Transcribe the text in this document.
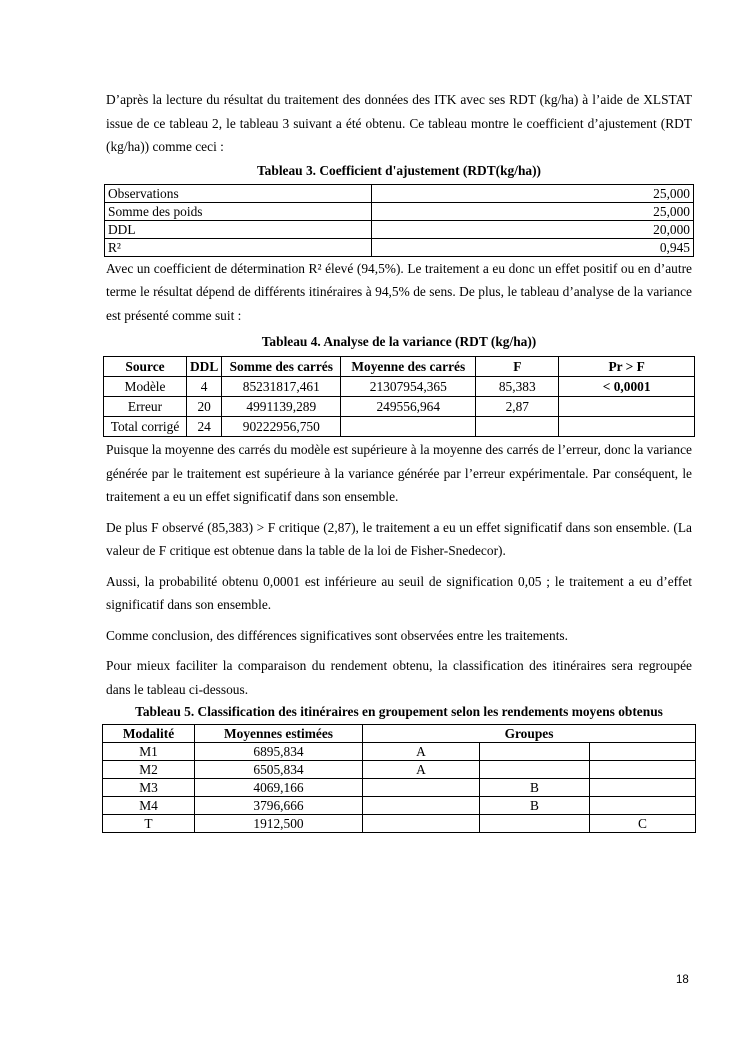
D’après la lecture du résultat du traitement des données des ITK avec ses RDT (kg/ha) à l’aide de XLSTAT issue de ce tableau 2, le tableau 3 suivant a été obtenu. Ce tableau montre le coefficient d’ajustement (RDT (kg/ha)) comme ceci :

Tableau 3. Coefficient d'ajustement (RDT(kg/ha))

Observations	25,000
Somme des poids	25,000
DDL	20,000
R²	0,945

Avec un coefficient de détermination R² élevé (94,5%). Le traitement a eu donc un effet positif ou en d’autre terme le résultat dépend de différents itinéraires à 94,5% de sens. De plus, le tableau d’analyse de la variance est présenté comme suit :

Tableau 4. Analyse de la variance (RDT (kg/ha))

Source	DDL	Somme des carrés	Moyenne des carrés	F	Pr > F
Modèle	4	85231817,461	21307954,365	85,383	< 0,0001
Erreur	20	4991139,289	249556,964	2,87	
Total corrigé	24	90222956,750			

Puisque la moyenne des carrés du modèle est supérieure à la moyenne des carrés de l’erreur, donc la variance générée par le traitement est supérieure à la variance générée par l’erreur expérimentale. Par conséquent, le traitement a eu un effet significatif dans son ensemble.

De plus F observé (85,383) > F critique (2,87), le traitement a eu un effet significatif dans son ensemble. (La valeur de F critique est obtenue dans la table de la loi de Fisher-Snedecor).

Aussi, la probabilité obtenu 0,0001 est inférieure au seuil de signification 0,05 ; le traitement a eu d’effet significatif dans son ensemble.

Comme conclusion, des différences significatives sont observées entre les traitements.

Pour mieux faciliter la comparaison du rendement obtenu, la classification des itinéraires sera regroupée dans le tableau ci-dessous.

Tableau 5. Classification des itinéraires en groupement selon les rendements moyens obtenus

Modalité	Moyennes estimées	Groupes		
M1	6895,834	A		
M2	6505,834	A		
M3	4069,166		B	
M4	3796,666		B	
T	1912,500			C
18
